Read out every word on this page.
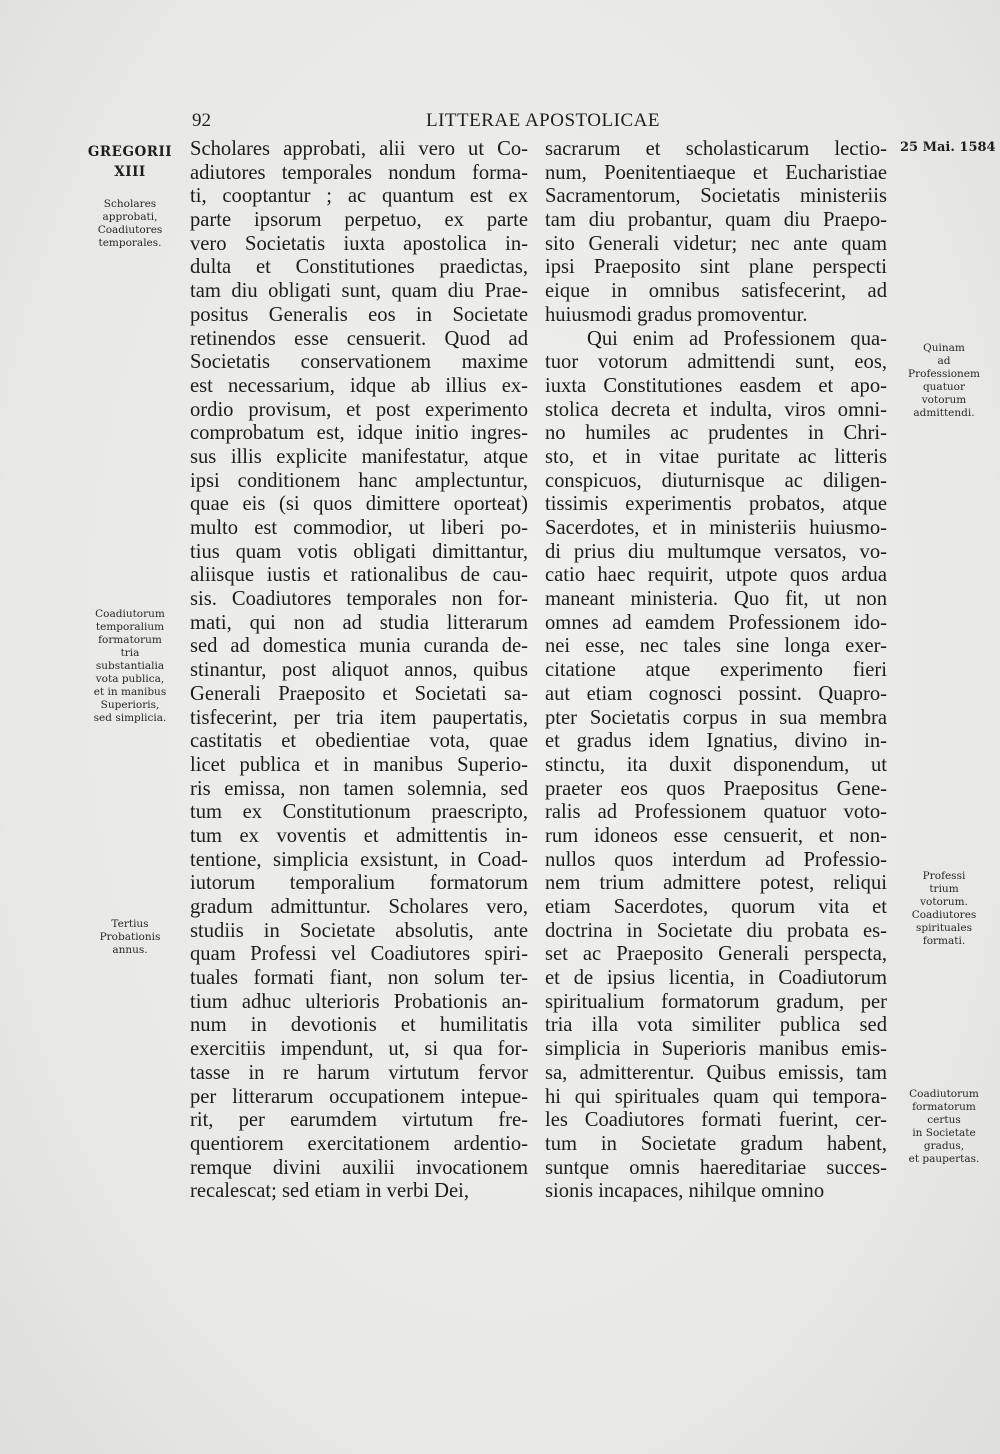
92	LITTERAE APOSTOLICAE
GREGORII
XIII
25 Mai. 1584
Scholares
approbati,
Coadiutores
temporales.
Coadiutorum
temporalium
formatorum
tria
substantialia
vota publica,
et in manibus
Superioris,
sed simplicia.
Tertius
Probationis
annus.
Quinam
ad
Professionem
quatuor
votorum
admittendi.
Professi
trium
votorum.
Coadiutores
spirituales
formati.
Coadiutorum
formatorum
certus
in Societate
gradus,
et paupertas.
Scholares approbati, alii vero ut Co-
adiutores temporales nondum forma-
ti, cooptantur ; ac quantum est ex
parte ipsorum perpetuo, ex parte
vero Societatis iuxta apostolica in-
dulta et Constitutiones praedictas,
tam diu obligati sunt, quam diu Prae-
positus Generalis eos in Societate
retinendos esse censuerit. Quod ad
Societatis conservationem maxime
est necessarium, idque ab illius ex-
ordio provisum, et post experimento
comprobatum est, idque initio ingres-
sus illis explicite manifestatur, atque
ipsi conditionem hanc amplectuntur,
quae eis (si quos dimittere oporteat)
multo est commodior, ut liberi po-
tius quam votis obligati dimittantur,
aliisque iustis et rationalibus de cau-
sis. Coadiutores temporales non for-
mati, qui non ad studia litterarum
sed ad domestica munia curanda de-
stinantur, post aliquot annos, quibus
Generali Praeposito et Societati sa-
tisfecerint, per tria item paupertatis,
castitatis et obedientiae vota, quae
licet publica et in manibus Superio-
ris emissa, non tamen solemnia, sed
tum ex Constitutionum praescripto,
tum ex voventis et admittentis in-
tentione, simplicia exsistunt, in Coad-
iutorum temporalium formatorum
gradum admittuntur. Scholares vero,
studiis in Societate absolutis, ante
quam Professi vel Coadiutores spiri-
tuales formati fiant, non solum ter-
tium adhuc ulterioris Probationis an-
num in devotionis et humilitatis
exercitiis impendunt, ut, si qua for-
tasse in re harum virtutum fervor
per litterarum occupationem intepue-
rit, per earumdem virtutum fre-
quentiorem exercitationem ardentio-
remque divini auxilii invocationem
recalescat; sed etiam in verbi Dei,
sacrarum et scholasticarum lectio-
num, Poenitentiaeque et Eucharistiae
Sacramentorum, Societatis ministeriis
tam diu probantur, quam diu Praepo-
sito Generali videtur; nec ante quam
ipsi Praeposito sint plane perspecti
eique in omnibus satisfecerint, ad
huiusmodi gradus promoventur.
Qui enim ad Professionem qua-
tuor votorum admittendi sunt, eos,
iuxta Constitutiones easdem et apo-
stolica decreta et indulta, viros omni-
no humiles ac prudentes in Chri-
sto, et in vitae puritate ac litteris
conspicuos, diuturnisque ac diligen-
tissimis experimentis probatos, atque
Sacerdotes, et in ministeriis huiusmo-
di prius diu multumque versatos, vo-
catio haec requirit, utpote quos ardua
maneant ministeria. Quo fit, ut non
omnes ad eamdem Professionem ido-
nei esse, nec tales sine longa exer-
citatione atque experimento fieri
aut etiam cognosci possint. Quapro-
pter Societatis corpus in sua membra
et gradus idem Ignatius, divino in-
stinctu, ita duxit disponendum, ut
praeter eos quos Praepositus Gene-
ralis ad Professionem quatuor voto-
rum idoneos esse censuerit, et non-
nullos quos interdum ad Professio-
nem trium admittere potest, reliqui
etiam Sacerdotes, quorum vita et
doctrina in Societate diu probata es-
set ac Praeposito Generali perspecta,
et de ipsius licentia, in Coadiutorum
spiritualium formatorum gradum, per
tria illa vota similiter publica sed
simplicia in Superioris manibus emis-
sa, admitterentur. Quibus emissis, tam
hi qui spirituales quam qui tempora-
les Coadiutores formati fuerint, cer-
tum in Societate gradum habent,
suntque omnis haereditariae succes-
sionis incapaces, nihilque omnino
